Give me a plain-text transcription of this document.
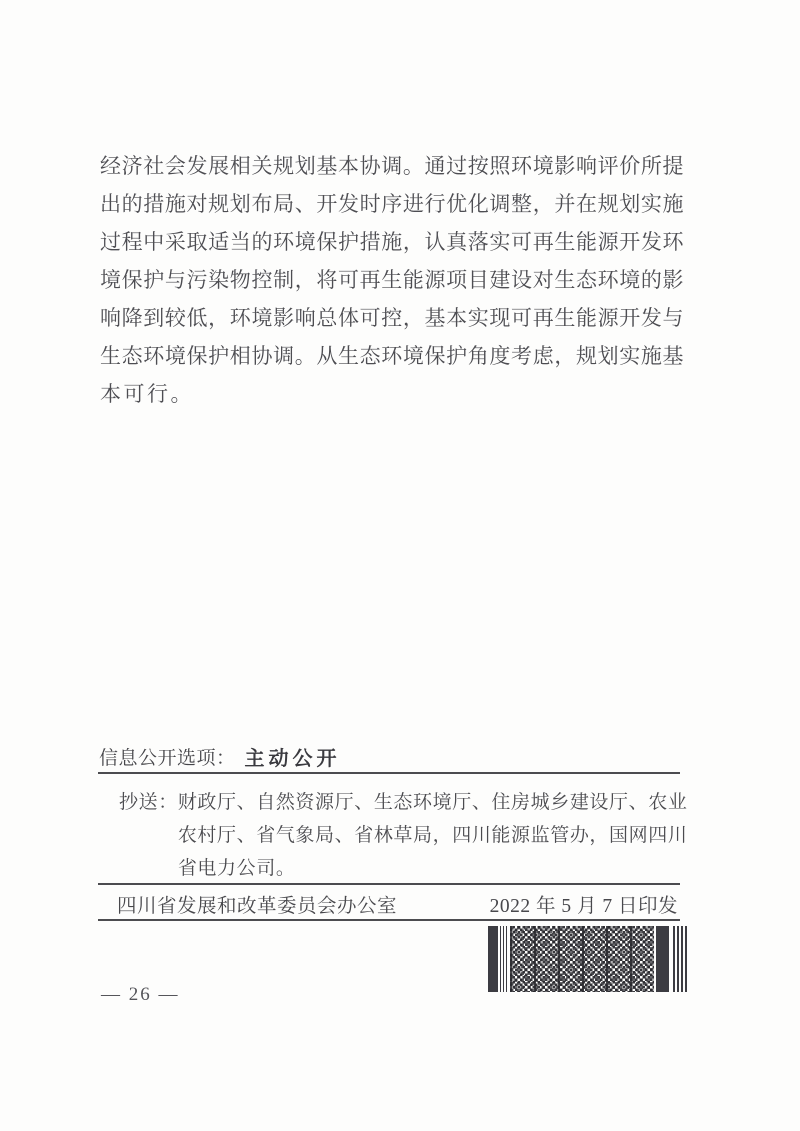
经济社会发展相关规划基本协调。通过按照环境影响评价所提
出的措施对规划布局、开发时序进行优化调整，并在规划实施
过程中采取适当的环境保护措施，认真落实可再生能源开发环
境保护与污染物控制，将可再生能源项目建设对生态环境的影
响降到较低，环境影响总体可控，基本实现可再生能源开发与
生态环境保护相协调。从生态环境保护角度考虑，规划实施基
本可行。
信息公开选项： 主动公开
抄送： 财政厅、自然资源厅、生态环境厅、住房城乡建设厅、农业
农村厅、省气象局、省林草局，四川能源监管办，国网四川
省电力公司。
四川省发展和改革委员会办公室	2022 年 5 月 7 日印发
— 26 —
